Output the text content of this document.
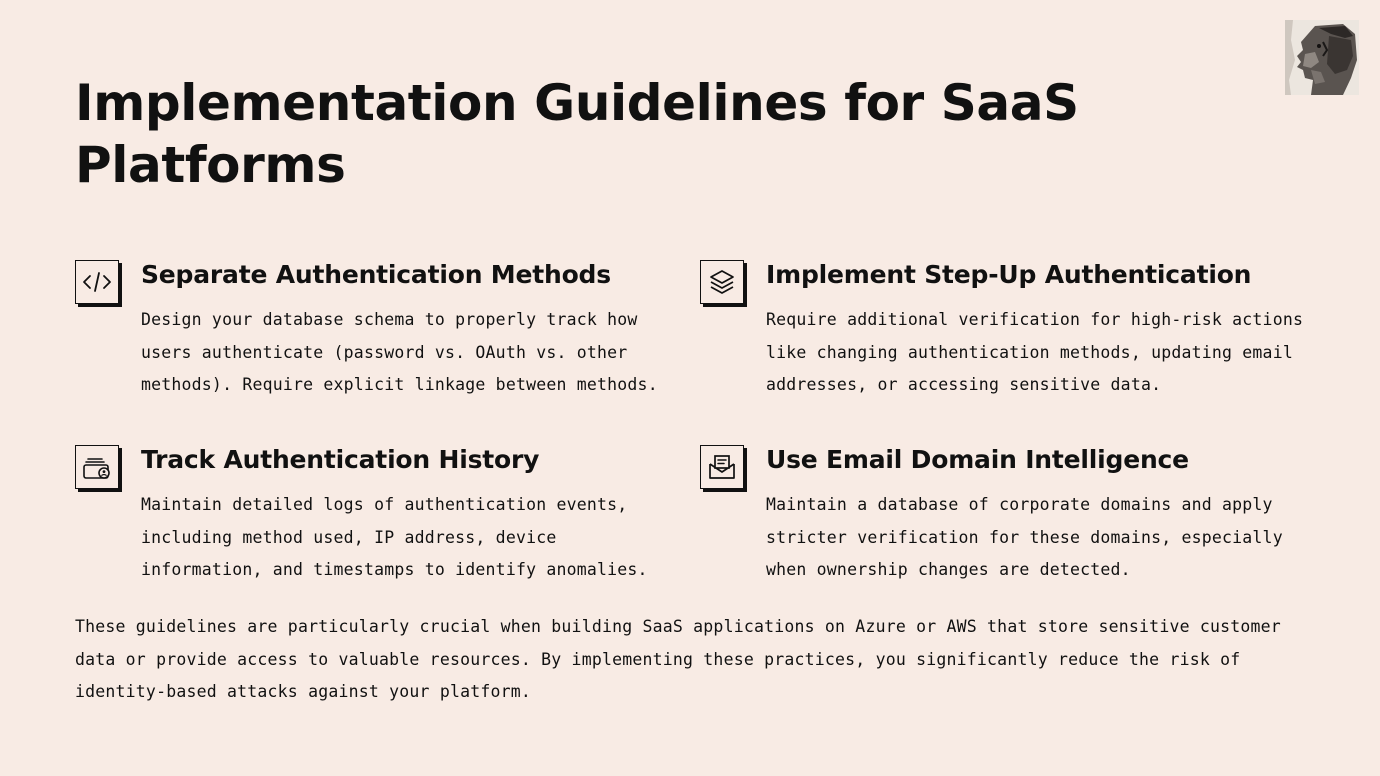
Implementation Guidelines for SaaS Platforms
Separate Authentication Methods
Design your database schema to properly track how users authenticate (password vs. OAuth vs. other methods). Require explicit linkage between methods.
Implement Step-Up Authentication
Require additional verification for high-risk actions like changing authentication methods, updating email addresses, or accessing sensitive data.
Track Authentication History
Maintain detailed logs of authentication events, including method used, IP address, device information, and timestamps to identify anomalies.
Use Email Domain Intelligence
Maintain a database of corporate domains and apply stricter verification for these domains, especially when ownership changes are detected.
These guidelines are particularly crucial when building SaaS applications on Azure or AWS that store sensitive customer data or provide access to valuable resources. By implementing these practices, you significantly reduce the risk of identity-based attacks against your platform.
